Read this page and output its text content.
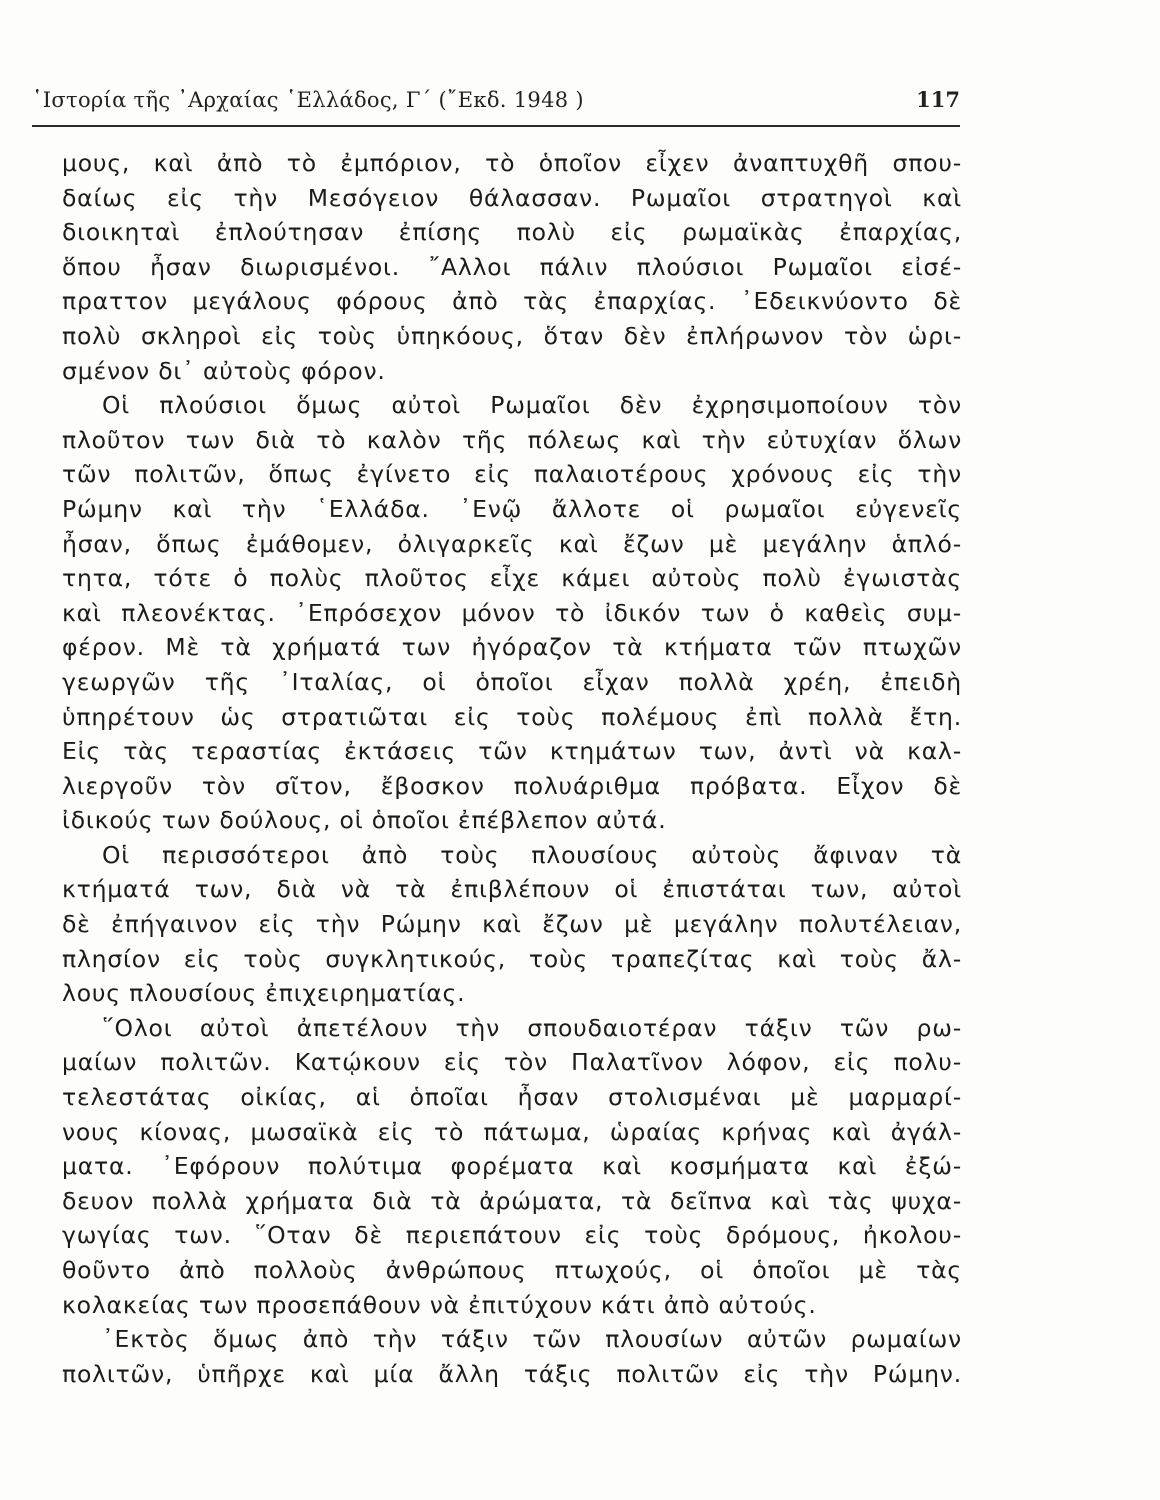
῾Ιστορία τῆς ᾿Αρχαίας ῾Ελλάδος, Γ΄ (῎Εκδ. 1948 )	117
μους, καὶ ἀπὸ τὸ ἐμπόριον, τὸ ὁποῖον εἶχεν ἀναπτυχθῆ σπου-
δαίως εἰς τὴν Μεσόγειον θάλασσαν. Ρωμαῖοι στρατηγοὶ καὶ
διοικηταὶ ἐπλούτησαν ἐπίσης πολὺ εἰς ρωμαϊκὰς ἐπαρχίας,
ὅπου ἦσαν διωρισμένοι. ῎Αλλοι πάλιν πλούσιοι Ρωμαῖοι εἰσέ-
πραττον μεγάλους φόρους ἀπὸ τὰς ἐπαρχίας. ᾿Εδεικνύοντο δὲ
πολὺ σκληροὶ εἰς τοὺς ὑπηκόους, ὅταν δὲν ἐπλήρωνον τὸν ὡρι-
σμένον δι᾿ αὐτοὺς φόρον.
Οἱ πλούσιοι ὅμως αὐτοὶ Ρωμαῖοι δὲν ἐχρησιμοποίουν τὸν
πλοῦτον των διὰ τὸ καλὸν τῆς πόλεως καὶ τὴν εὐτυχίαν ὅλων
τῶν πολιτῶν, ὅπως ἐγίνετο εἰς παλαιοτέρους χρόνους εἰς τὴν
Ρώμην καὶ τὴν ῾Ελλάδα. ᾿Ενῷ ἄλλοτε οἱ ρωμαῖοι εὐγενεῖς
ἦσαν, ὅπως ἐμάθομεν, ὀλιγαρκεῖς καὶ ἔζων μὲ μεγάλην ἁπλό-
τητα, τότε ὁ πολὺς πλοῦτος εἶχε κάμει αὐτοὺς πολὺ ἐγωιστὰς
καὶ πλεονέκτας. ᾿Επρόσεχον μόνον τὸ ἰδικόν των ὁ καθεὶς συμ-
φέρον. Μὲ τὰ χρήματά των ἠγόραζον τὰ κτήματα τῶν πτωχῶν
γεωργῶν τῆς ᾿Ιταλίας, οἱ ὁποῖοι εἶχαν πολλὰ χρέη, ἐπειδὴ
ὑπηρέτουν ὡς στρατιῶται εἰς τοὺς πολέμους ἐπὶ πολλὰ ἔτη.
Εἰς τὰς τεραστίας ἐκτάσεις τῶν κτημάτων των, ἀντὶ νὰ καλ-
λιεργοῦν τὸν σῖτον, ἔβοσκον πολυάριθμα πρόβατα. Εἶχον δὲ
ἰδικούς των δούλους, οἱ ὁποῖοι ἐπέβλεπον αὐτά.
Οἱ περισσότεροι ἀπὸ τοὺς πλουσίους αὐτοὺς ἄφιναν τὰ
κτήματά των, διὰ νὰ τὰ ἐπιβλέπουν οἱ ἐπιστάται των, αὐτοὶ
δὲ ἐπήγαινον εἰς τὴν Ρώμην καὶ ἔζων μὲ μεγάλην πολυτέλειαν,
πλησίον εἰς τοὺς συγκλητικούς, τοὺς τραπεζίτας καὶ τοὺς ἄλ-
λους πλουσίους ἐπιχειρηματίας.
῞Ολοι αὐτοὶ ἀπετέλουν τὴν σπουδαιοτέραν τάξιν τῶν ρω-
μαίων πολιτῶν. Κατῴκουν εἰς τὸν Παλατῖνον λόφον, εἰς πολυ-
τελεστάτας οἰκίας, αἱ ὁποῖαι ἦσαν στολισμέναι μὲ μαρμαρί-
νους κίονας, μωσαϊκὰ εἰς τὸ πάτωμα, ὡραίας κρήνας καὶ ἀγάλ-
ματα. ᾿Εφόρουν πολύτιμα φορέματα καὶ κοσμήματα καὶ ἐξώ-
δευον πολλὰ χρήματα διὰ τὰ ἀρώματα, τὰ δεῖπνα καὶ τὰς ψυχα-
γωγίας των. ῞Οταν δὲ περιεπάτουν εἰς τοὺς δρόμους, ἠκολου-
θοῦντο ἀπὸ πολλοὺς ἀνθρώπους πτωχούς, οἱ ὁποῖοι μὲ τὰς
κολακείας των προσεπάθουν νὰ ἐπιτύχουν κάτι ἀπὸ αὐτούς.
᾿Εκτὸς ὅμως ἀπὸ τὴν τάξιν τῶν πλουσίων αὐτῶν ρωμαίων
πολιτῶν, ὑπῆρχε καὶ μία ἄλλη τάξις πολιτῶν εἰς τὴν Ρώμην.
